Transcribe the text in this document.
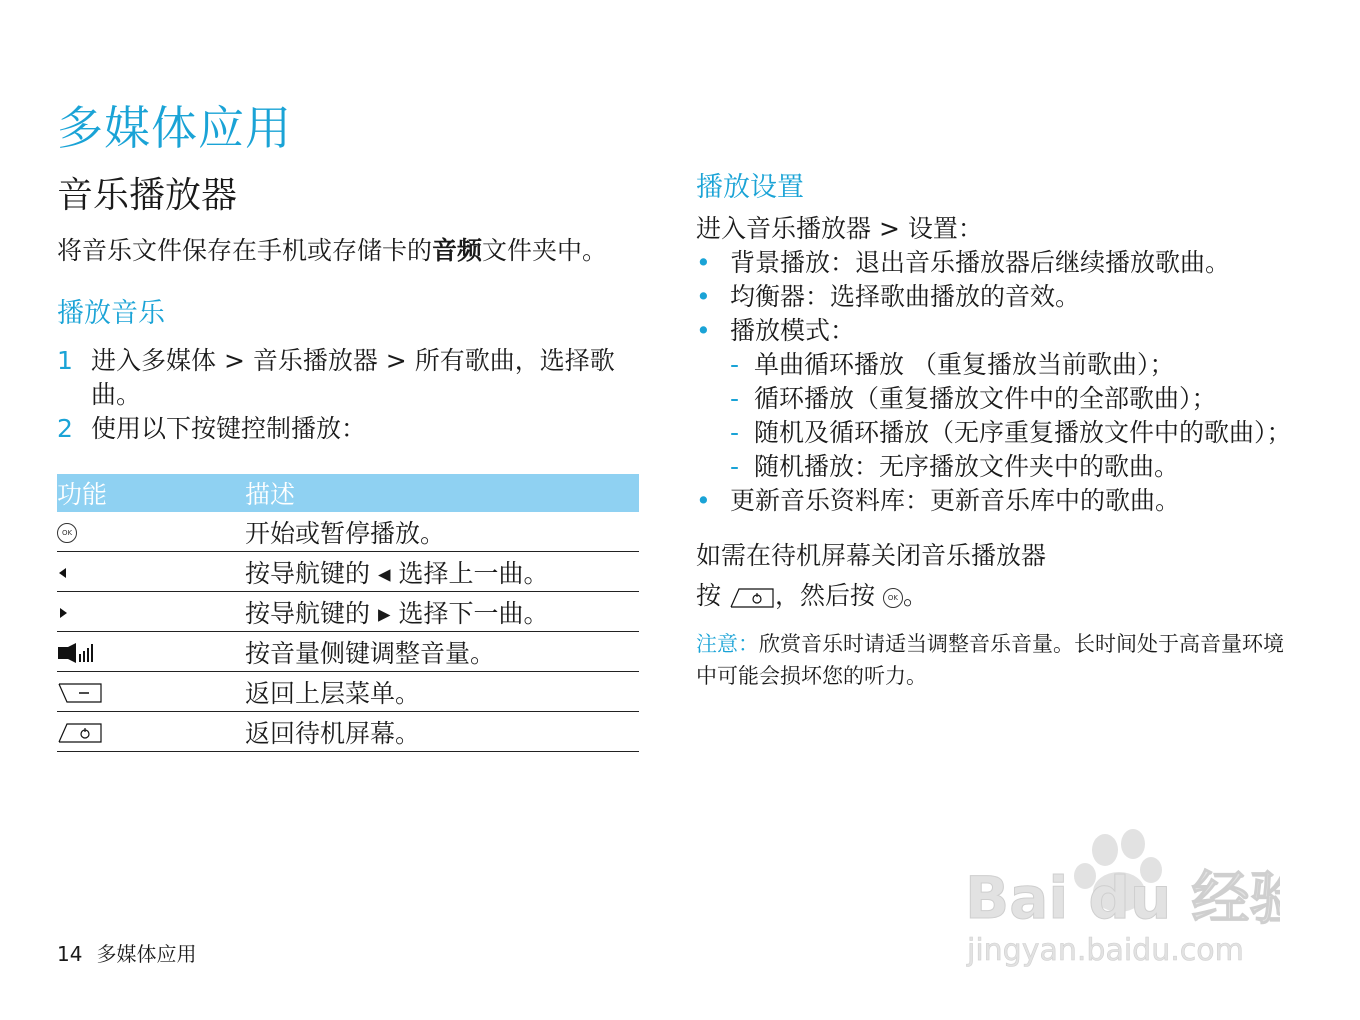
多媒体应用
音乐播放器

将音乐文件保存在手机或存储卡的音频文件夹中。

播放音乐
1 进入多媒体 > 音乐播放器 > 所有歌曲，选择歌曲。
2 使用以下按键控制播放：
功能	描述
OK	开始或暂停播放。
	按导航键的 ◂ 选择上一曲。
	按导航键的 ▸ 选择下一曲。
	按音量侧键调整音量。
	返回上层菜单。
	返回待机屏幕。
播放设置
进入音乐播放器 > 设置：
• 背景播放：退出音乐播放器后继续播放歌曲。
• 均衡器：选择歌曲播放的音效。
• 播放模式：
- 单曲循环播放 （重复播放当前歌曲）；
- 循环播放（重复播放文件中的全部歌曲）；
- 随机及循环播放（无序重复播放文件中的歌曲）；
- 随机播放：无序播放文件夹中的歌曲。
• 更新音乐资料库：更新音乐库中的歌曲。
如需在待机屏幕关闭音乐播放器
按 ，然后按 OK 。
注意：欣赏音乐时请适当调整音乐音量。长时间处于高音量环境中可能会损坏您的听力。
14 多媒体应用
Bai du 经验
jingyan.baidu.com
